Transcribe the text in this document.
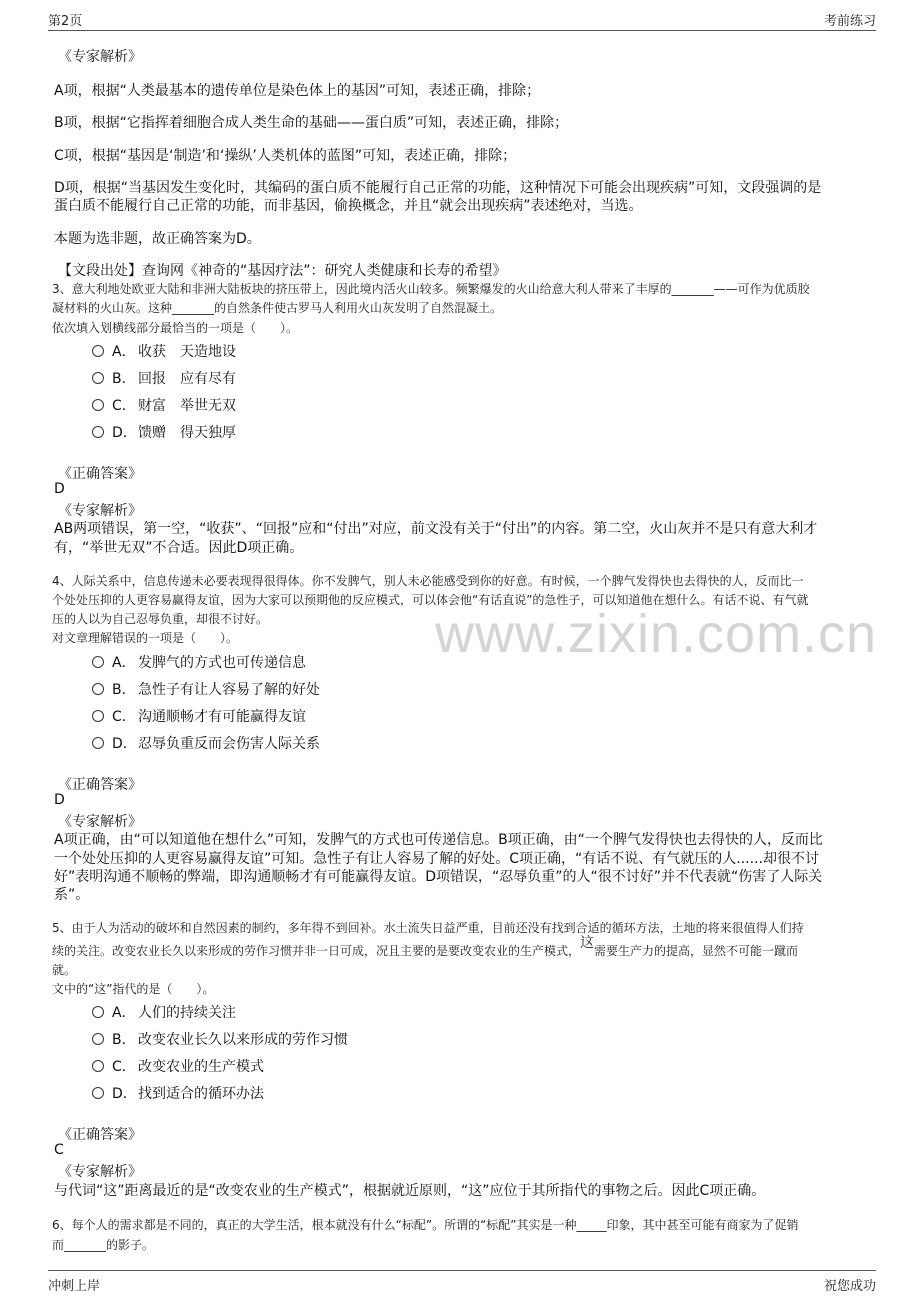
第2页	考前练习
www.zixin.com.cn
《专家解析》
A项，根据“人类最基本的遗传单位是染色体上的基因”可知，表述正确，排除；
B项，根据“它指挥着细胞合成人类生命的基础——蛋白质”可知，表述正确，排除；
C项，根据“基因是‘制造’和‘操纵’人类机体的蓝图”可知，表述正确，排除；
D项，根据“当基因发生变化时，其编码的蛋白质不能履行自己正常的功能，这种情况下可能会出现疾病”可知，文段强调的是
蛋白质不能履行自己正常的功能，而非基因，偷换概念，并且“就会出现疾病”表述绝对，当选。
本题为选非题，故正确答案为D。
【文段出处】查询网《神奇的“基因疗法”：研究人类健康和长寿的希望》
3、意大利地处欧亚大陆和非洲大陆板块的挤压带上，因此境内活火山较多。频繁爆发的火山给意大利人带来了丰厚的_______——可作为优质胶
凝材料的火山灰。这种_______的自然条件使古罗马人利用火山灰发明了自然混凝土。
依次填入划横线部分最恰当的一项是（　　）。
A． 收获　天造地设
B． 回报　应有尽有
C． 财富　举世无双
D．馈赠　得天独厚
《正确答案》
D
《专家解析》
AB两项错误，第一空，“收获”、“回报”应和“付出”对应，前文没有关于“付出”的内容。第二空，火山灰并不是只有意大利才
有，“举世无双”不合适。因此D项正确。
4、人际关系中，信息传递未必要表现得很得体。你不发脾气，别人未必能感受到你的好意。有时候，一个脾气发得快也去得快的人，反而比一
个处处压抑的人更容易赢得友谊，因为大家可以预期他的反应模式，可以体会他“有话直说”的急性子，可以知道他在想什么。有话不说、有气就
压的人以为自己忍辱负重，却很不讨好。
对文章理解错误的一项是（　　）。
A． 发脾气的方式也可传递信息
B． 急性子有让人容易了解的好处
C． 沟通顺畅才有可能赢得友谊
D．忍辱负重反而会伤害人际关系
《正确答案》
D
《专家解析》
A项正确，由“可以知道他在想什么”可知，发脾气的方式也可传递信息。B项正确，由“一个脾气发得快也去得快的人，反而比
一个处处压抑的人更容易赢得友谊”可知。急性子有让人容易了解的好处。C项正确，“有话不说、有气就压的人......却很不讨
好”表明沟通不顺畅的弊端，即沟通顺畅才有可能赢得友谊。D项错误，“忍辱负重”的人“很不讨好”并不代表就“伤害了人际关
系”。
5、由于人为活动的破坏和自然因素的制约，多年得不到回补。水土流失日益严重，目前还没有找到合适的循环方法，土地的将来很值得人们持
续的关注。改变农业长久以来形成的劳作习惯并非一日可成，况且主要的是要改变农业的生产模式，这需要生产力的提高，显然不可能一蹴而
就。
文中的“这”指代的是（　　）。
A． 人们的持续关注
B． 改变农业长久以来形成的劳作习惯
C． 改变农业的生产模式
D．找到适合的循环办法
《正确答案》
C
《专家解析》
与代词“这”距离最近的是“改变农业的生产模式”，根据就近原则，“这”应位于其所指代的事物之后。因此C项正确。
6、每个人的需求都是不同的，真正的大学生活，根本就没有什么“标配”。所谓的“标配”其实是一种_____印象，其中甚至可能有商家为了促销
而_______的影子。
冲刺上岸	祝您成功
